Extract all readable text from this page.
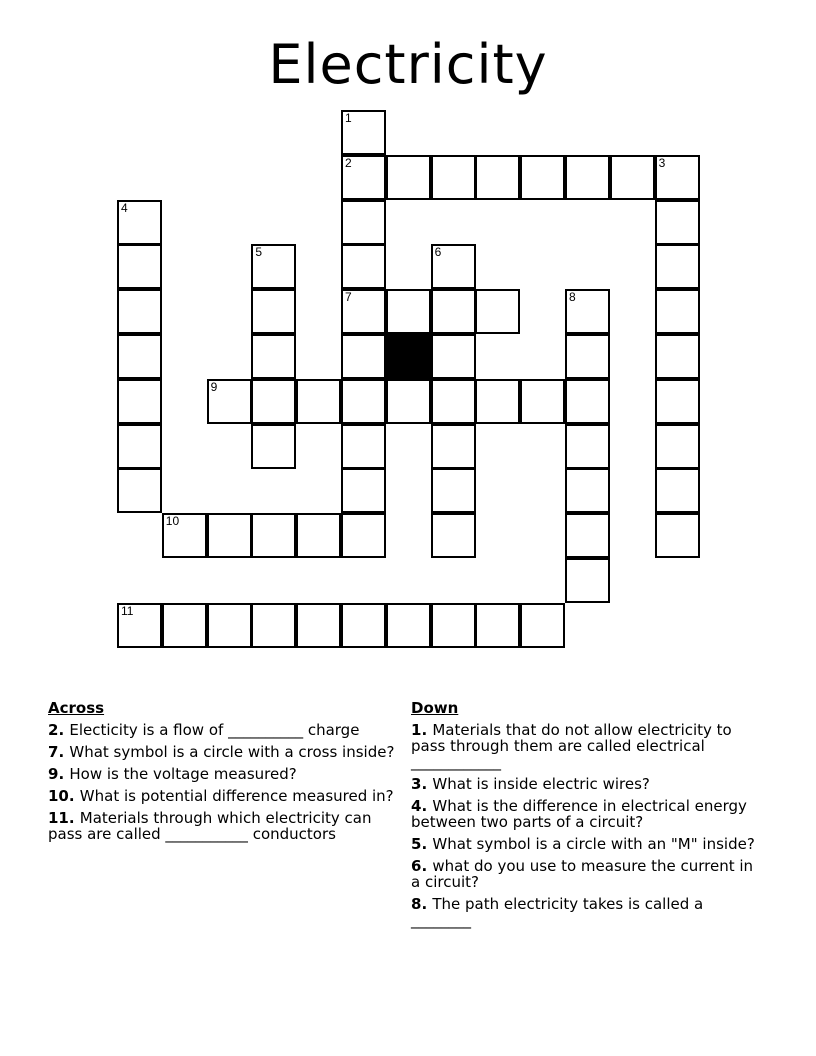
Electricity
1
2	3
4
5	6
7	8
9
10
11
Across
2. Electicity is a flow of __________ charge
7. What symbol is a circle with a cross inside?
9. How is the voltage measured?
10. What is potential difference measured in?
11. Materials through which electricity can pass are called ___________ conductors
Down
1. Materials that do not allow electricity to pass through them are called electrical ____________
3. What is inside electric wires?
4. What is the difference in electrical energy between two parts of a circuit?
5. What symbol is a circle with an "M" inside?
6. what do you use to measure the current in a circuit?
8. The path electricity takes is called a ________
